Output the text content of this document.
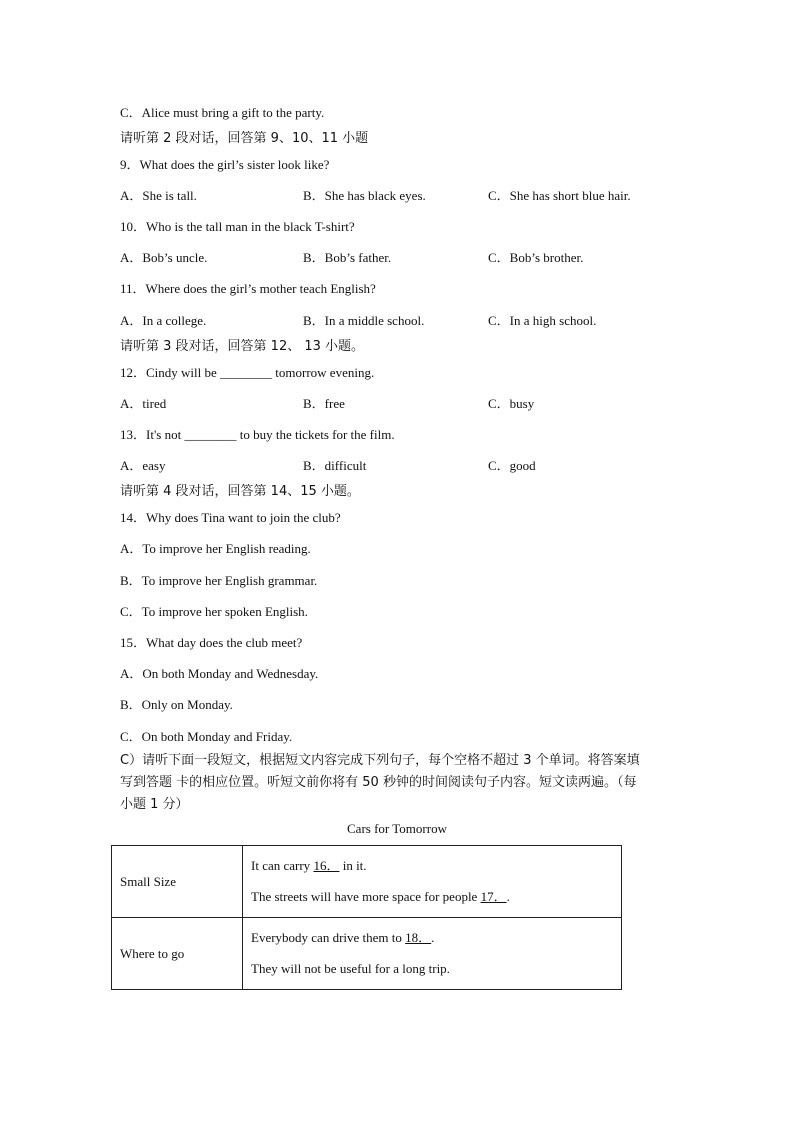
C．Alice must bring a gift to the party.
请听第 2 段对话，回答第 9、10、11 小题
9．What does the girl’s sister look like?
A．She is tall.	B．She has black eyes.	C．She has short blue hair.
10．Who is the tall man in the black T-shirt?
A．Bob’s uncle.	B．Bob’s father.	C．Bob’s brother.
11．Where does the girl’s mother teach English?
A．In a college.	B．In a middle school.	C．In a high school.
请听第 3 段对话，回答第 12、 13 小题。
12．Cindy will be ________ tomorrow evening.
A．tired	B．free	C．busy
13．It's not ________ to buy the tickets for the film.
A．easy	B．difficult	C．good
请听第 4 段对话，回答第 14、15 小题。
14．Why does Tina want to join the club?
A．To improve her English reading.
B．To improve her English grammar.
C．To improve her spoken English.
15．What day does the club meet?
A．On both Monday and Wednesday.
B．Only on Monday.
C．On both Monday and Friday.
C）请听下面一段短文，根据短文内容完成下列句子，每个空格不超过 3 个单词。将答案填
写到答题 卡的相应位置。听短文前你将有 50 秒钟的时间阅读句子内容。短文读两遍。（每
小题 1 分）
Cars for Tomorrow
Small Size	It can carry 16． in it.
The streets will have more space for people 17．.

Where to go	Everybody can drive them to 18．.
They will not be useful for a long trip.
